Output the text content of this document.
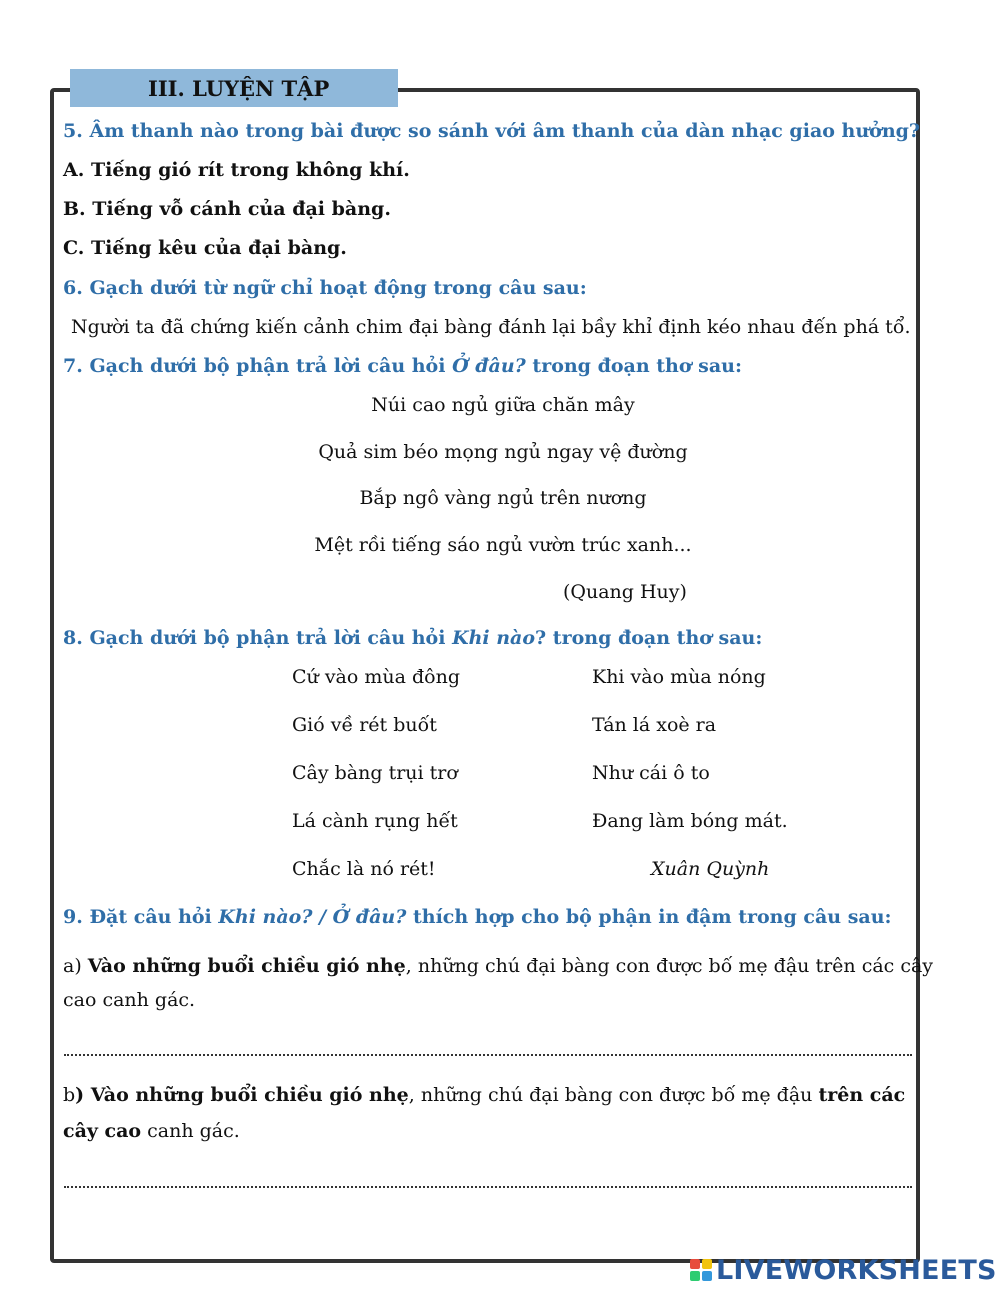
III. LUYỆN TẬP
5. Âm thanh nào trong bài được so sánh với âm thanh của dàn nhạc giao hưởng?
A. Tiếng gió rít trong không khí.
B. Tiếng vỗ cánh của đại bàng.
C. Tiếng kêu của đại bàng.
6. Gạch dưới từ ngữ chỉ hoạt động trong câu sau:
Người ta đã chứng kiến cảnh chim đại bàng đánh lại bầy khỉ định kéo nhau đến phá tổ.
7. Gạch dưới bộ phận trả lời câu hỏi Ở đâu? trong đoạn thơ sau:
Núi cao ngủ giữa chăn mây
Quả sim béo mọng ngủ ngay vệ đường
Bắp ngô vàng ngủ trên nương
Mệt rồi tiếng sáo ngủ vườn trúc xanh...
(Quang Huy)
8. Gạch dưới bộ phận trả lời câu hỏi Khi nào? trong đoạn thơ sau:
Cứ vào mùa đông
Gió về rét buốt
Cây bàng trụi trơ
Lá cành rụng hết
Chắc là nó rét!
Khi vào mùa nóng
Tán lá xoè ra
Như cái ô to
Đang làm bóng mát.
Xuân Quỳnh
9. Đặt câu hỏi Khi nào? / Ở đâu? thích hợp cho bộ phận in đậm trong câu sau:
a) Vào những buổi chiều gió nhẹ, những chú đại bàng con được bố mẹ đậu trên các cây
cao canh gác.
b) Vào những buổi chiều gió nhẹ, những chú đại bàng con được bố mẹ đậu trên các
cây cao canh gác.
LIVEWORKSHEETS
